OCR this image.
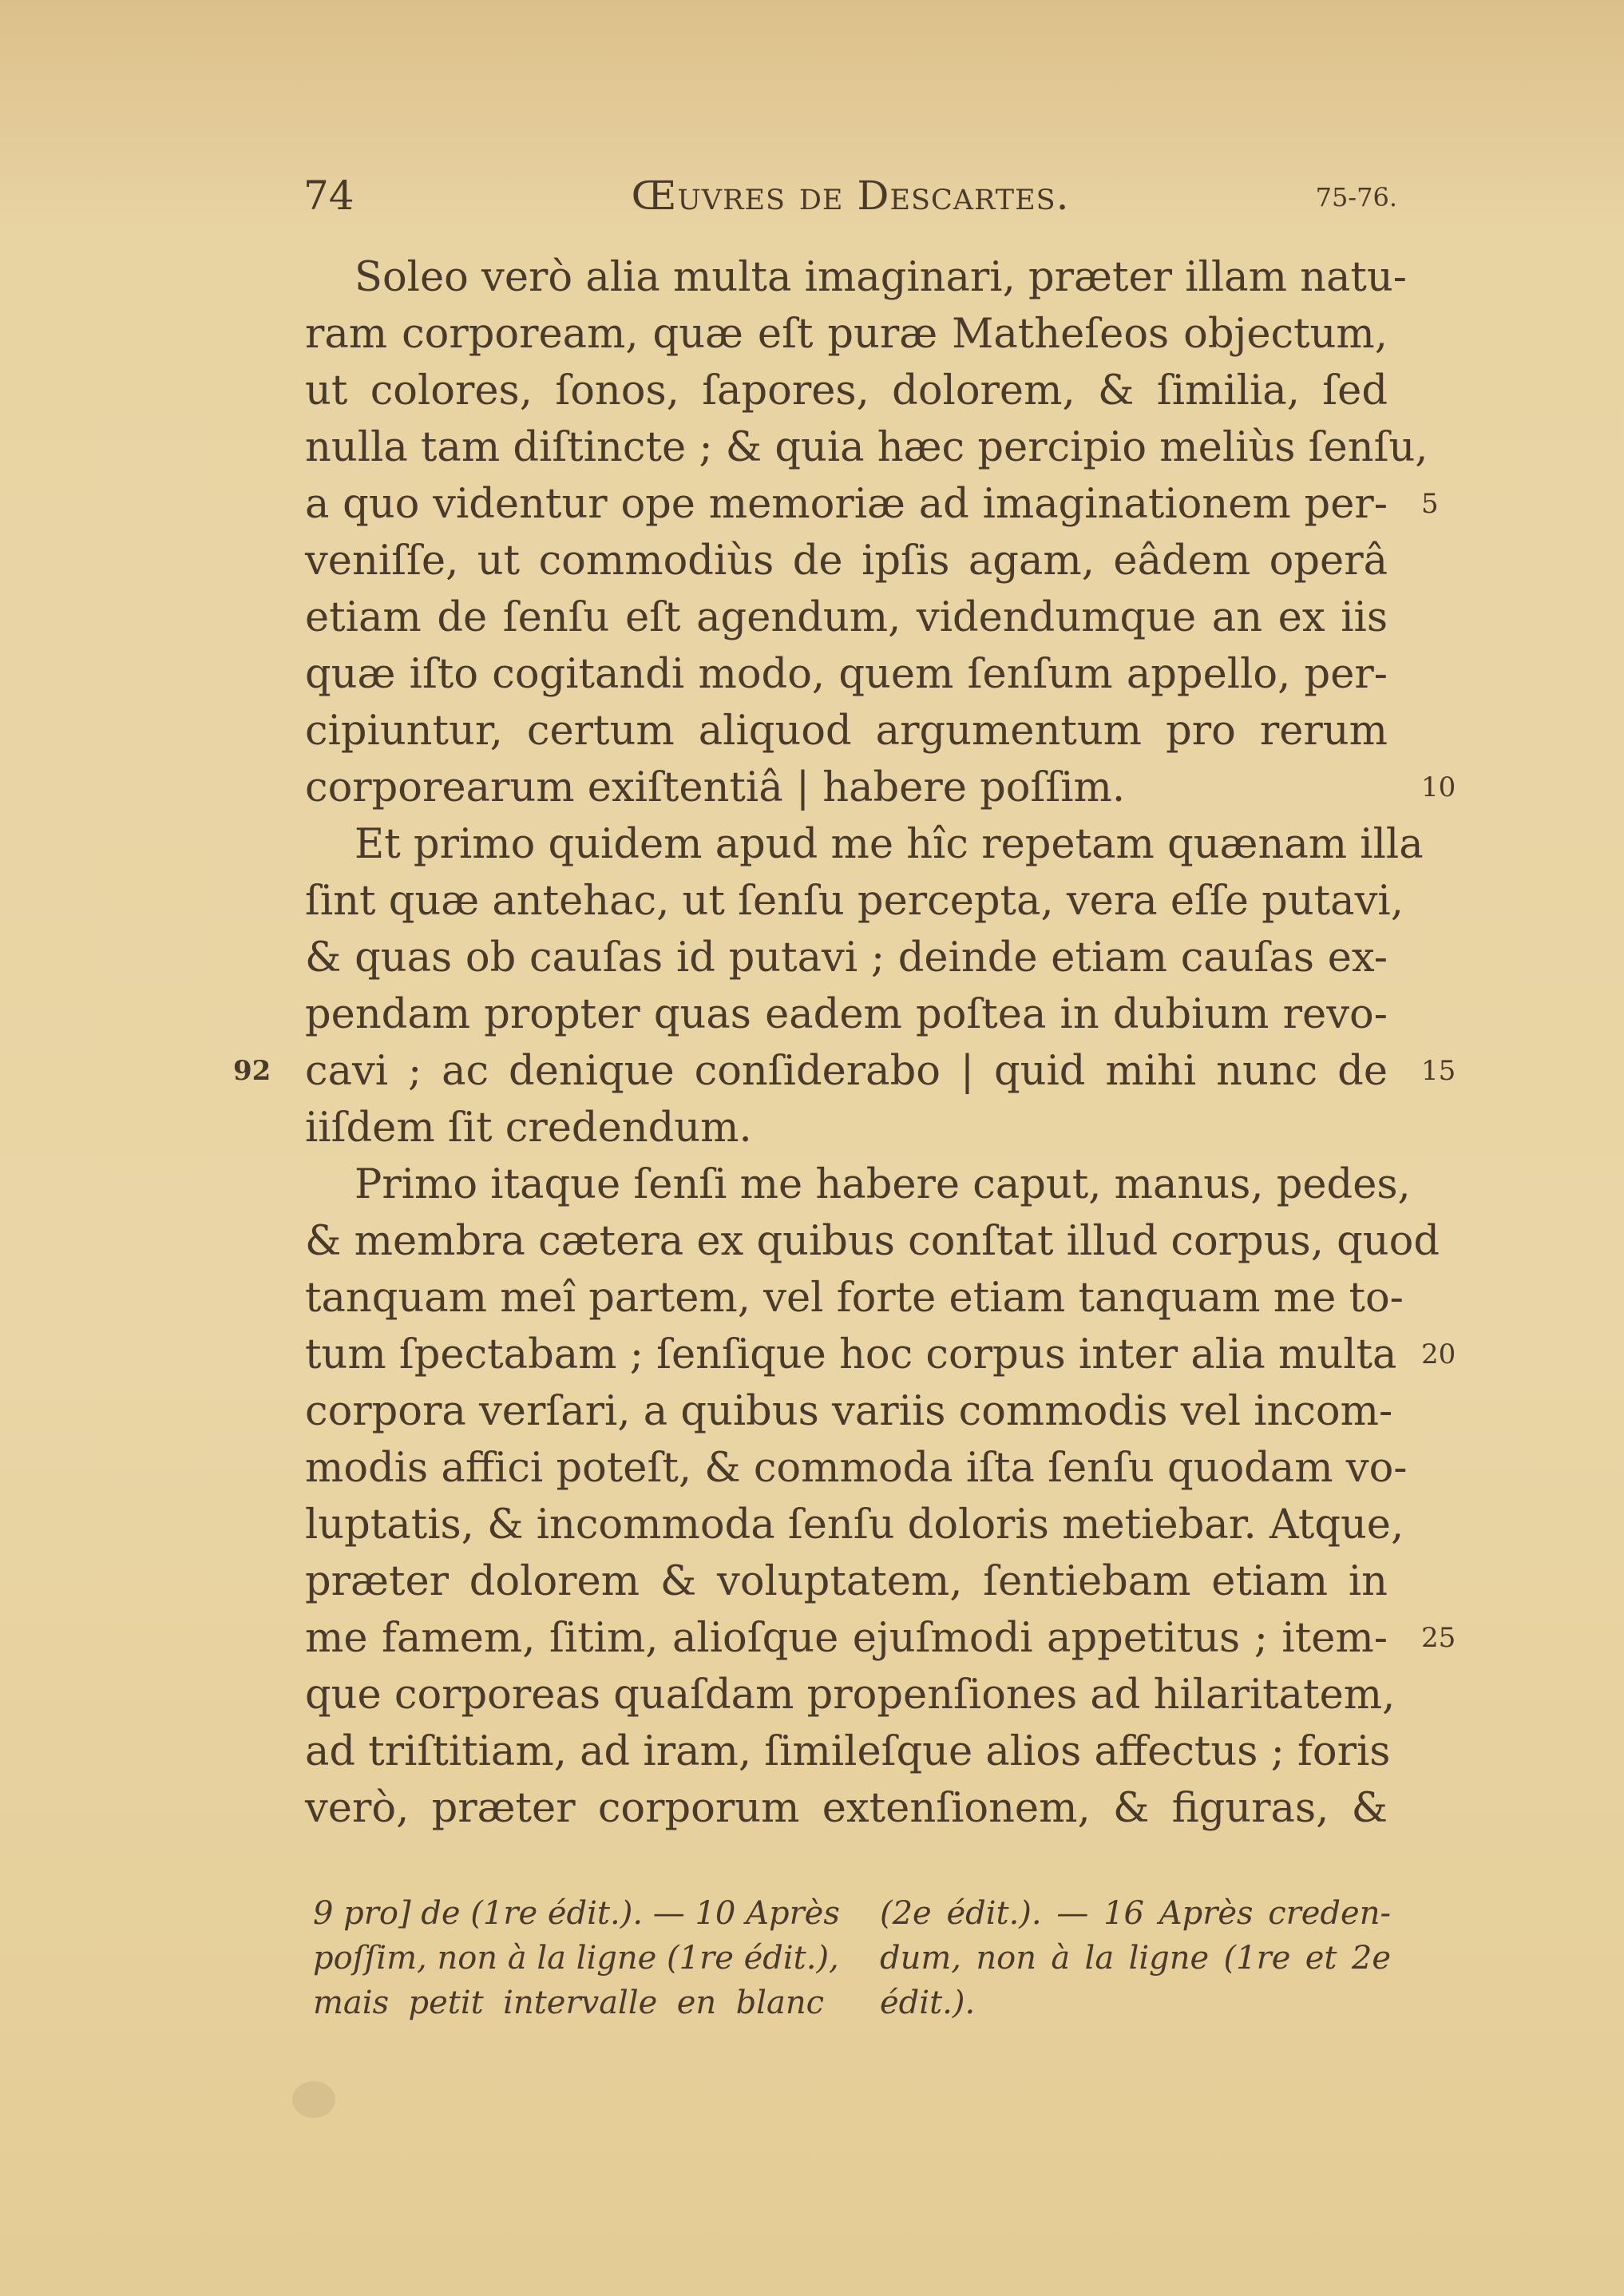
74	Œuvres de Descartes.	75-76.
Soleo verò alia multa imaginari, præter illam natu-
ram corpoream, quæ eſt puræ Matheſeos objectum,
ut colores, ſonos, ſapores, dolorem, & ſimilia, ſed
nulla tam diſtincte ; & quia hæc percipio meliùs ſenſu,
a quo videntur ope memoriæ ad imaginationem per-
veniſſe, ut commodiùs de ipſis agam, eâdem operâ
etiam de ſenſu eſt agendum, videndumque an ex iis
quæ iſto cogitandi modo, quem ſenſum appello, per-
cipiuntur, certum aliquod argumentum pro rerum
corporearum exiſtentiâ | habere poſſim.
Et primo quidem apud me hîc repetam quænam illa
ſint quæ antehac, ut ſenſu percepta, vera eſſe putavi,
& quas ob cauſas id putavi ; deinde etiam cauſas ex-
pendam propter quas eadem poſtea in dubium revo-
cavi ; ac denique conſiderabo | quid mihi nunc de
iiſdem ſit credendum.
Primo itaque ſenſi me habere caput, manus, pedes,
& membra cætera ex quibus conſtat illud corpus, quod
tanquam meî partem, vel forte etiam tanquam me to-
tum ſpectabam ; ſenſique hoc corpus inter alia multa
corpora verſari, a quibus variis commodis vel incom-
modis affici poteſt, & commoda iſta ſenſu quodam vo-
luptatis, & incommoda ſenſu doloris metiebar. Atque,
præter dolorem & voluptatem, ſentiebam etiam in
me famem, ſitim, alioſque ejuſmodi appetitus ; item-
que corporeas quaſdam propenſiones ad hilaritatem,
ad triſtitiam, ad iram, ſimileſque alios affectus ; foris
verò, præter corporum extenſionem, & figuras, &
5
10
15
20
25
92
9 pro] de (1re édit.). — 10 Après
poſſim, non à la ligne (1re édit.),
mais petit intervalle en blanc
(2e édit.). — 16 Après creden-
dum, non à la ligne (1re et 2e
édit.).
